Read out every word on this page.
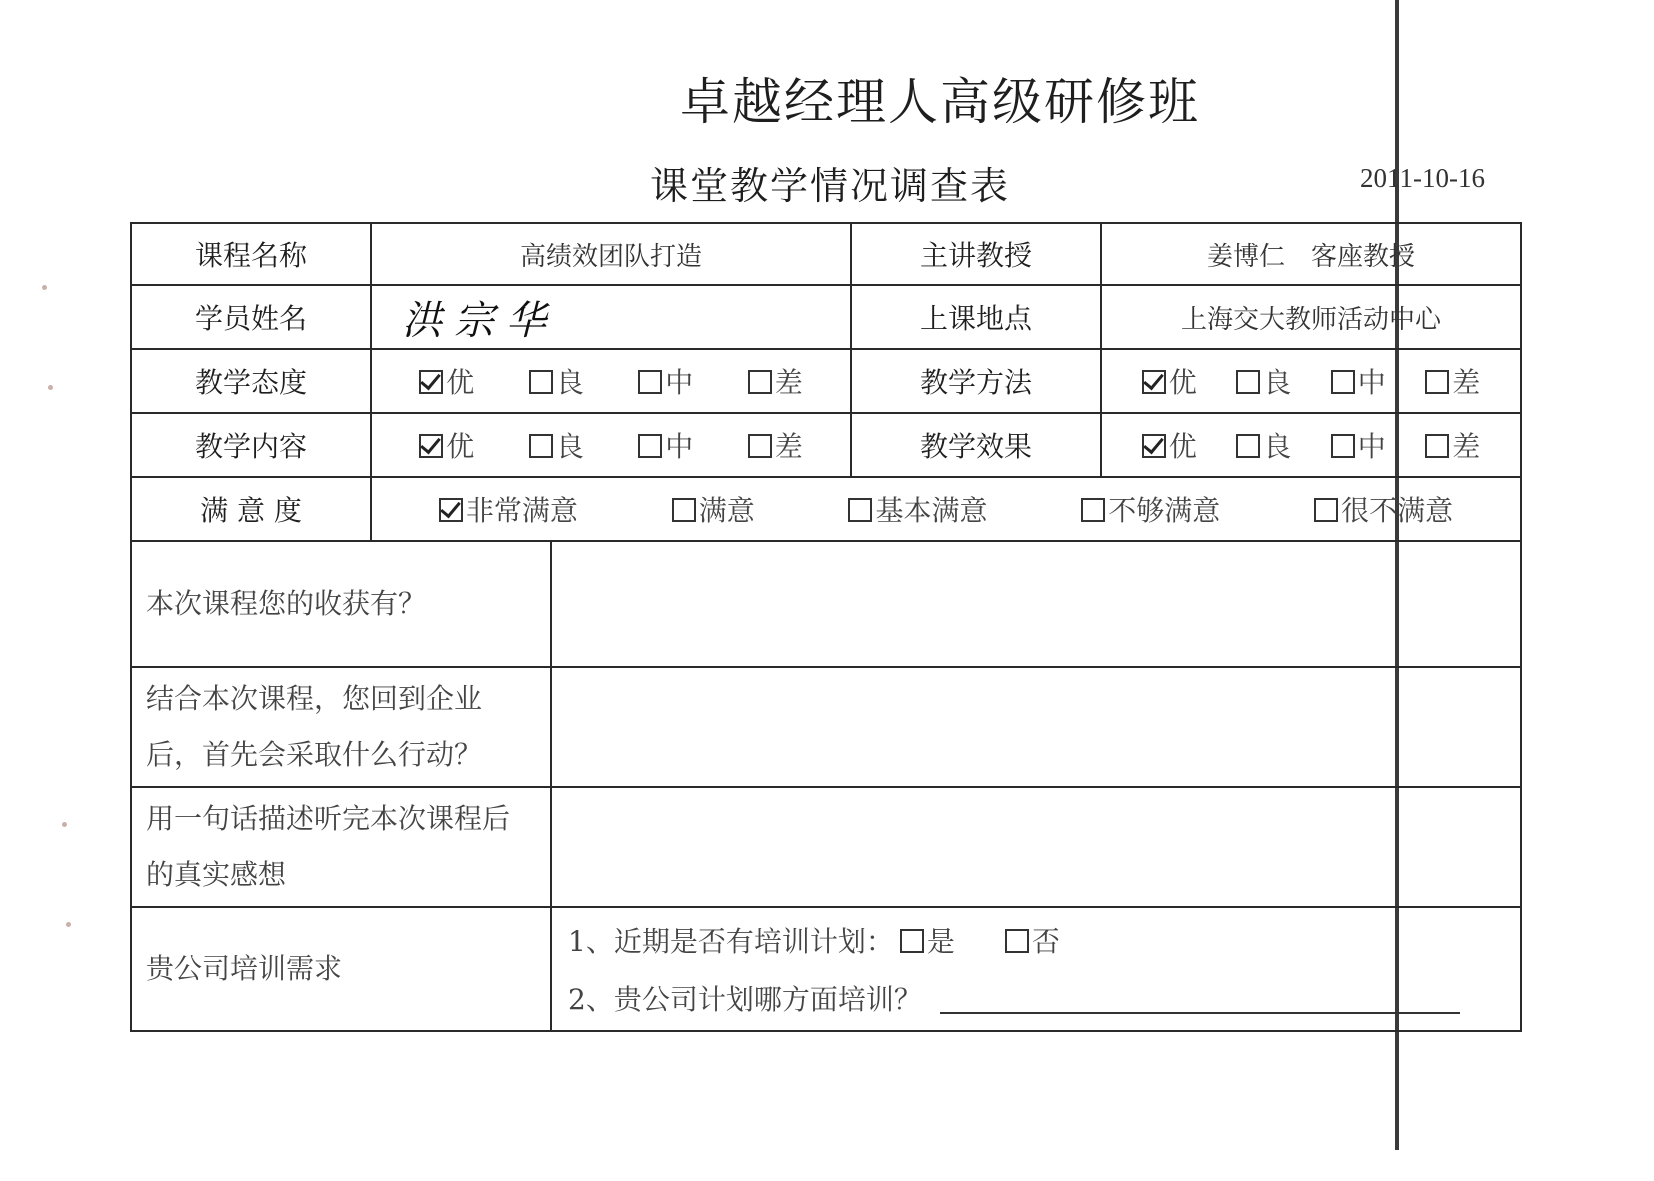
卓越经理人高级研修班
课堂教学情况调查表	2011-10-16
课程名称	高绩效团队打造		主讲教授	姜博仁　客座教授
学员姓名	洪宗华		上课地点	上海交大教师活动中心
教学态度	优 良 中 差		教学方法	优 良 中 差

教学内容	优 良 中 差		教学效果	优 良 中 差

满 意 度	非常满意 满意 基本满意 不够满意 很不满意			

本次课程您的收获有？				

结合本次课程，您回到企业后，首先会采取什么行动？				

用一句话描述听完本次课程后的真实感想				

贵公司培训需求		1、近期是否有培训计划： 是 否
2、贵公司计划哪方面培训？		
